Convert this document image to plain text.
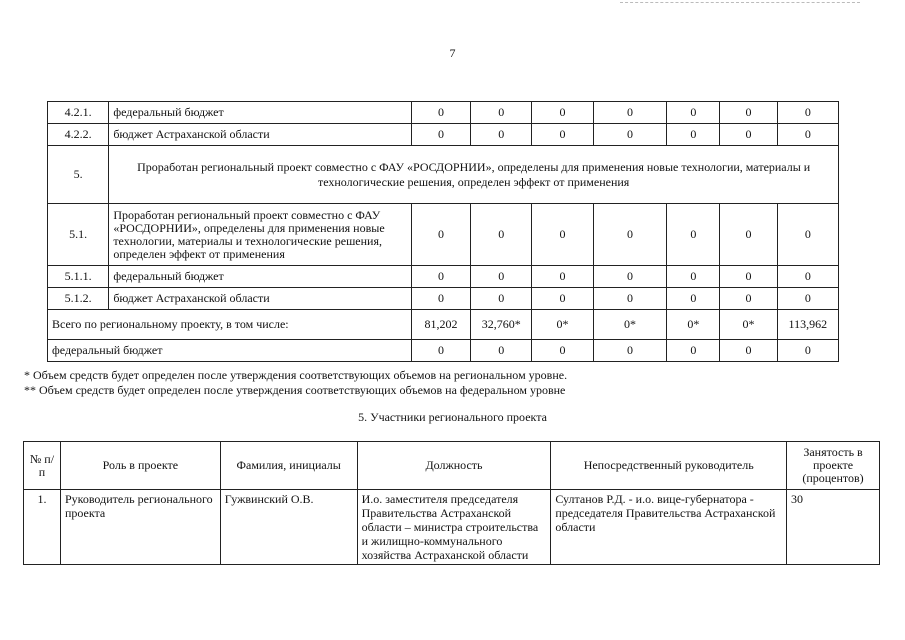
7
4.2.1.	федеральный бюджет	0	0	0	0	0	0	0
4.2.2.	бюджет Астраханской области	0	0	0	0	0	0	0
5.	Проработан региональный проект совместно с ФАУ «РОСДОРНИИ», определены для применения новые технологии, материалы и технологические решения, определен эффект от применения							
5.1.	Проработан региональный проект совместно с ФАУ «РОСДОРНИИ», определены для применения новые технологии, материалы и технологические решения, определен эффект от применения	0	0	0	0	0	0	0
5.1.1.	федеральный бюджет	0	0	0	0	0	0	0
5.1.2.	бюджет Астраханской области	0	0	0	0	0	0	0
Всего по региональному проекту, в том числе:		81,202	32,760*	0*	0*	0*	0*	113,962
федеральный бюджет		0	0	0	0	0	0	0
* Объем средств будет определен после утверждения соответствующих объемов на региональном уровне.
** Объем средств будет определен после утверждения соответствующих объемов на федеральном уровне
5. Участники регионального проекта
№ п/п	Роль в проекте	Фамилия, инициалы	Должность	Непосредственный руководитель	Занятость в проекте (процентов)
1.	Руководитель регионального проекта	Гужвинский О.В.	И.о. заместителя председателя Правительства Астраханской области – министра строительства и жилищно-коммунального хозяйства Астраханской области	Султанов Р.Д. - и.о. вице-губернатора - председателя Правительства Астраханской области	30
